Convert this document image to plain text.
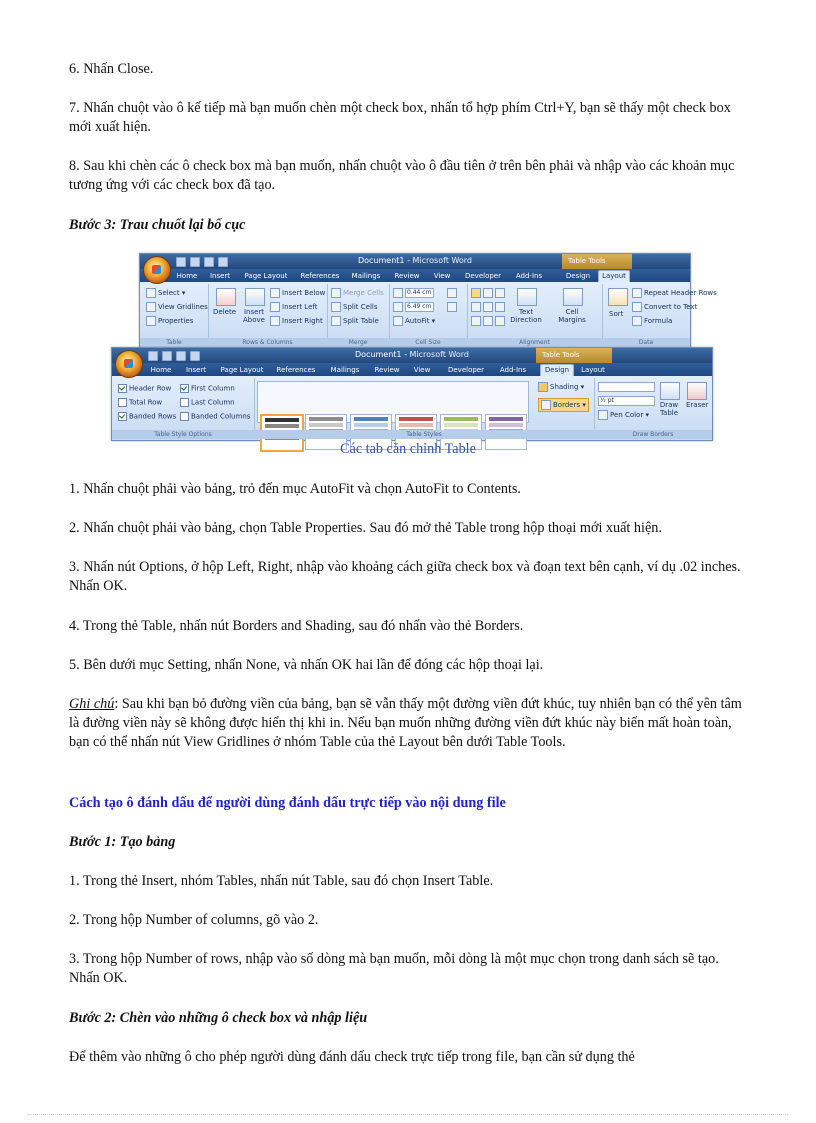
6. Nhấn Close.

7. Nhấn chuột vào ô kế tiếp mà bạn muốn chèn một check box, nhấn tổ hợp phím Ctrl+Y, bạn sẽ thấy một check box mới xuất hiện.

8. Sau khi chèn các ô check box mà bạn muốn, nhấn chuột vào ô đầu tiên ở trên bên phải và nhập vào các khoản mục tương ứng với các check box đã tạo.

Bước 3: Trau chuốt lại bố cục

Document1 - Microsoft Word	Table Tools
Home	Insert	Page Layout	References	Mailings	Review	View	Developer	Add-Ins	Design	Layout
Select ▾
View Gridlines
Properties
Table
Delete	Insert Above
Insert Below
Insert Left
Insert Right
Rows & Columns
Merge Cells
Split Cells
Split Table
Merge
0.44 cm
6.49 cm
AutoFit ▾
Cell Size
Text Direction
Cell Margins
Alignment
Sort
Repeat Header Rows
Convert to Text
Formula
Data
Document1 - Microsoft Word	Table Tools
Home	Insert	Page Layout	References	Mailings	Review	View	Developer	Add-Ins	Design	Layout
Header Row
Total Row
Banded Rows
First Column
Last Column
Banded Columns
Table Style Options
Shading ▾
Borders ▾
Table Styles
½ pt
Pen Color ▾
Draw Table
Eraser
Draw Borders
Các tab căn chỉnh Table

1. Nhấn chuột phải vào bảng, trỏ đến mục AutoFit và chọn AutoFit to Contents.

2. Nhấn chuột phải vào bảng, chọn Table Properties. Sau đó mở thẻ Table trong hộp thoại mới xuất hiện.

3. Nhấn nút Options, ở hộp Left, Right, nhập vào khoảng cách giữa check box và đoạn text bên cạnh, ví dụ .02 inches. Nhấn OK.

4. Trong thẻ Table, nhấn nút Borders and Shading, sau đó nhấn vào thẻ Borders.

5. Bên dưới mục Setting, nhấn None, và nhấn OK hai lần để đóng các hộp thoại lại.

Ghi chú: Sau khi bạn bỏ đường viền của bảng, bạn sẽ vẫn thấy một đường viền đứt khúc, tuy nhiên bạn có thể yên tâm là đường viền này sẽ không được hiển thị khi in. Nếu bạn muốn những đường viền đứt khúc này biến mất hoàn toàn, bạn có thể nhấn nút View Gridlines ở nhóm Table của thẻ Layout bên dưới Table Tools.

Cách tạo ô đánh dấu để người dùng đánh dấu trực tiếp vào nội dung file

Bước 1: Tạo bảng

1. Trong thẻ Insert, nhóm Tables, nhấn nút Table, sau đó chọn Insert Table.

2. Trong hộp Number of columns, gõ vào 2.

3. Trong hộp Number of rows, nhập vào số dòng mà bạn muốn, mỗi dòng là một mục chọn trong danh sách sẽ tạo. Nhấn OK.

Bước 2: Chèn vào những ô check box và nhập liệu

Để thêm vào những ô cho phép người dùng đánh dấu check trực tiếp trong file, bạn cần sử dụng thẻ
